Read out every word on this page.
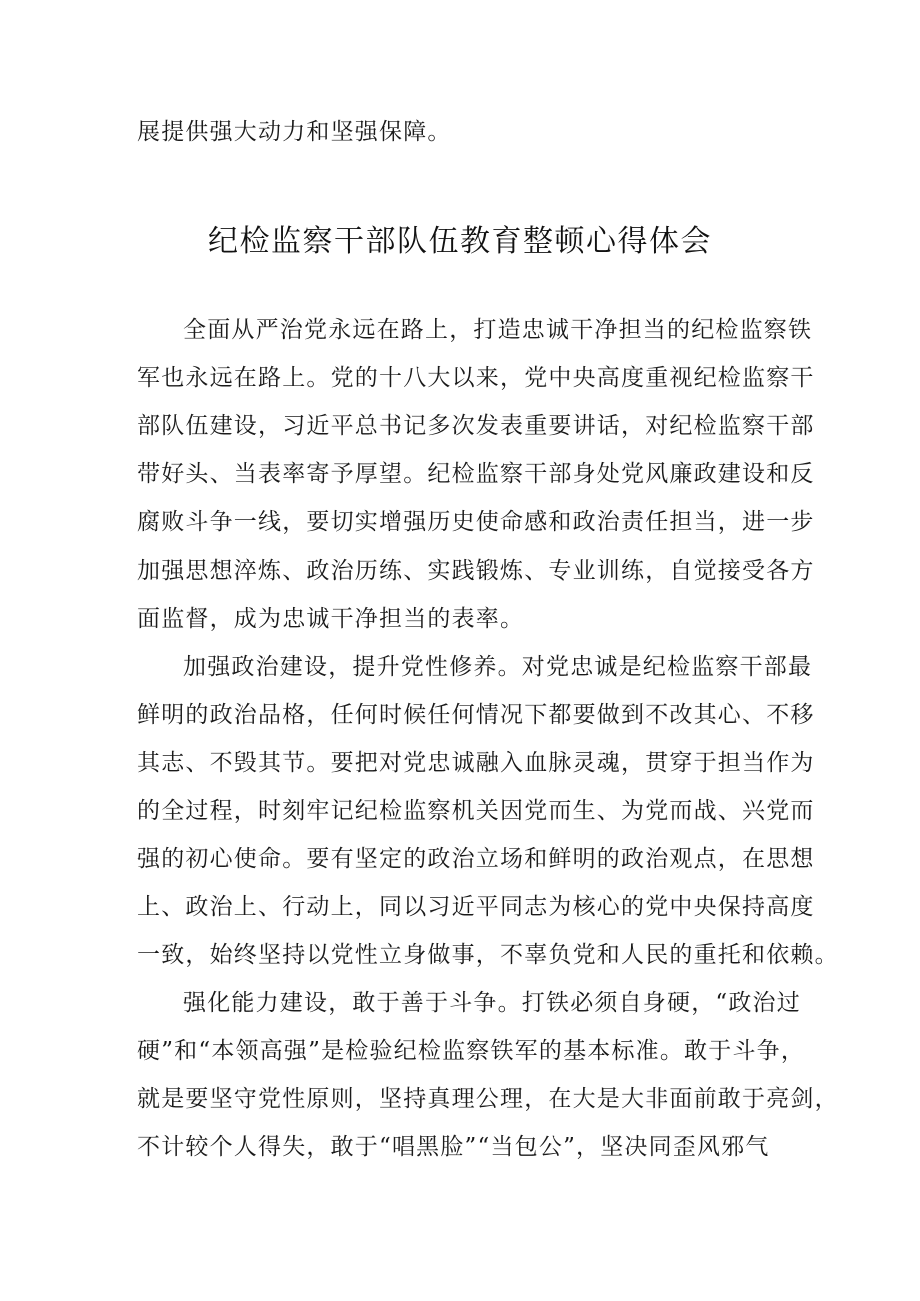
展提供强大动力和坚强保障。
纪检监察干部队伍教育整顿心得体会
全面从严治党永远在路上，打造忠诚干净担当的纪检监察铁
军也永远在路上。党的十八大以来，党中央高度重视纪检监察干
部队伍建设，习近平总书记多次发表重要讲话，对纪检监察干部
带好头、当表率寄予厚望。纪检监察干部身处党风廉政建设和反
腐败斗争一线，要切实增强历史使命感和政治责任担当，进一步
加强思想淬炼、政治历练、实践锻炼、专业训练，自觉接受各方
面监督，成为忠诚干净担当的表率。
加强政治建设，提升党性修养。对党忠诚是纪检监察干部最
鲜明的政治品格，任何时候任何情况下都要做到不改其心、不移
其志、不毁其节。要把对党忠诚融入血脉灵魂，贯穿于担当作为
的全过程，时刻牢记纪检监察机关因党而生、为党而战、兴党而
强的初心使命。要有坚定的政治立场和鲜明的政治观点，在思想
上、政治上、行动上，同以习近平同志为核心的党中央保持高度
一致，始终坚持以党性立身做事，不辜负党和人民的重托和依赖。
强化能力建设，敢于善于斗争。打铁必须自身硬，“政治过
硬”和“本领高强”是检验纪检监察铁军的基本标准。敢于斗争，
就是要坚守党性原则，坚持真理公理，在大是大非面前敢于亮剑，
不计较个人得失，敢于“唱黑脸”“当包公”，坚决同歪风邪气
